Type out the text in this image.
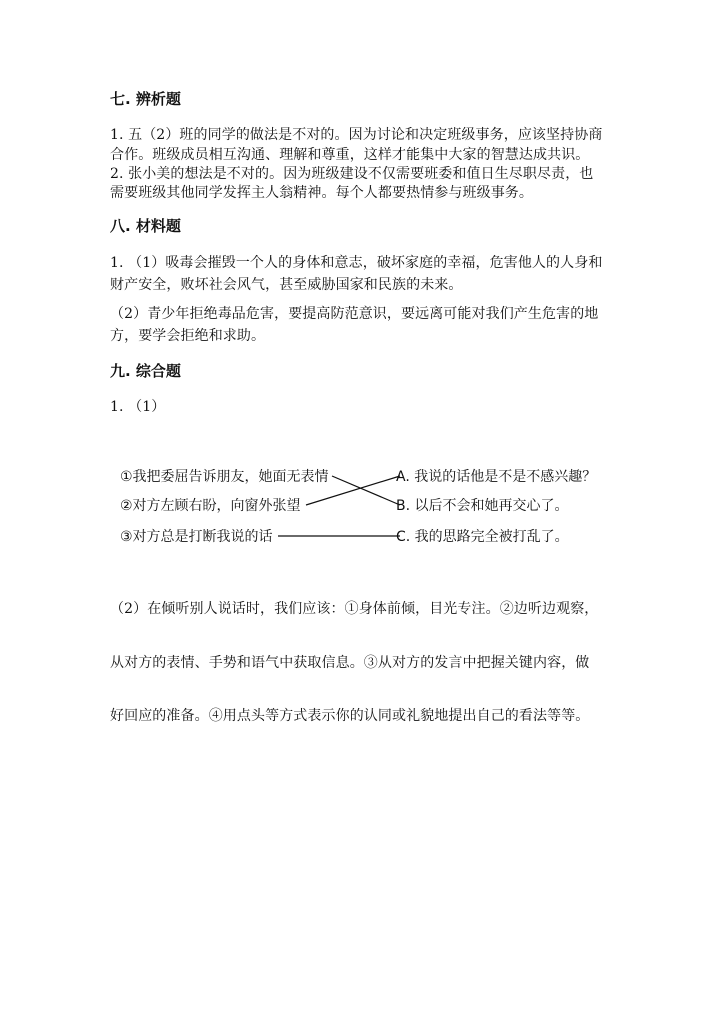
七. 辨析题
1. 五（2）班的同学的做法是不对的。因为讨论和决定班级事务，应该坚持协商
合作。班级成员相互沟通、理解和尊重，这样才能集中大家的智慧达成共识。
2. 张小美的想法是不对的。因为班级建设不仅需要班委和值日生尽职尽责，也
需要班级其他同学发挥主人翁精神。每个人都要热情参与班级事务。
八. 材料题
1. （1）吸毒会摧毁一个人的身体和意志，破坏家庭的幸福，危害他人的人身和
财产安全，败坏社会风气，甚至威胁国家和民族的未来。
（2）青少年拒绝毒品危害，要提高防范意识，要远离可能对我们产生危害的地
方，要学会拒绝和求助。
九. 综合题
1. （1）
①我把委屈告诉朋友，她面无表情
②对方左顾右盼，向窗外张望
③对方总是打断我说的话
A. 我说的话他是不是不感兴趣？
B. 以后不会和她再交心了。
C. 我的思路完全被打乱了。
（2）在倾听别人说话时，我们应该：①身体前倾，目光专注。②边听边观察，
从对方的表情、手势和语气中获取信息。③从对方的发言中把握关键内容，做
好回应的准备。④用点头等方式表示你的认同或礼貌地提出自己的看法等等。
